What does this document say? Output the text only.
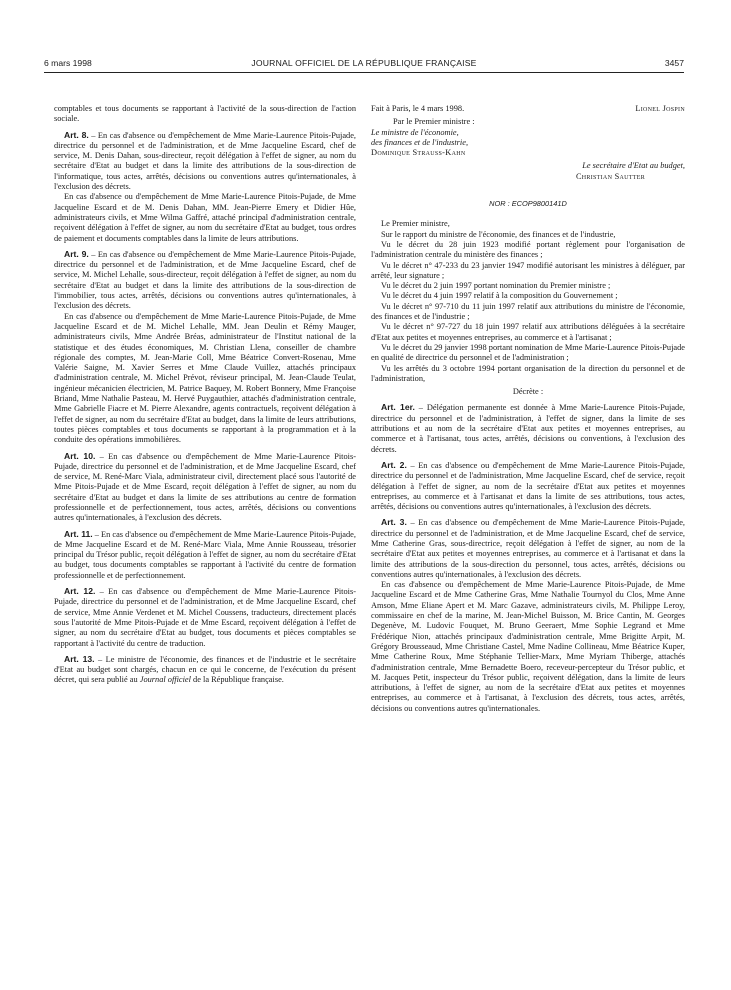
6 mars 1998	JOURNAL OFFICIEL DE LA RÉPUBLIQUE FRANÇAISE	3457

comptables et tous documents se rapportant à l'activité de la sous-direction de l'action sociale.

Art. 8. – En cas d'absence ou d'empêchement de Mme Marie-Laurence Pitois-Pujade, directrice du personnel et de l'administration, et de Mme Jacqueline Escard, chef de service, M. Denis Dahan, sous-directeur, reçoit délégation à l'effet de signer, au nom du secrétaire d'Etat au budget et dans la limite des attributions de la sous-direction de l'informatique, tous actes, arrêtés, décisions ou conventions autres qu'internationales, à l'exclusion des décrets.

En cas d'absence ou d'empêchement de Mme Marie-Laurence Pitois-Pujade, de Mme Jacqueline Escard et de M. Denis Dahan, MM. Jean-Pierre Emery et Didier Hûe, administrateurs civils, et Mme Wilma Gaffré, attaché principal d'administration centrale, reçoivent délégation à l'effet de signer, au nom du secrétaire d'Etat au budget, tous ordres de paiement et documents comptables dans la limite de leurs attributions.

Art. 9. – En cas d'absence ou d'empêchement de Mme Marie-Laurence Pitois-Pujade, directrice du personnel et de l'administration, et de Mme Jacqueline Escard, chef de service, M. Michel Lehalle, sous-directeur, reçoit délégation à l'effet de signer, au nom du secrétaire d'Etat au budget et dans la limite des attributions de la sous-direction de l'immobilier, tous actes, arrêtés, décisions ou conventions autres qu'internationales, à l'exclusion des décrets.

En cas d'absence ou d'empêchement de Mme Marie-Laurence Pitois-Pujade, de Mme Jacqueline Escard et de M. Michel Lehalle, MM. Jean Deulin et Rémy Mauger, administrateurs civils, Mme Andrée Bréas, administrateur de l'Institut national de la statistique et des études économiques, M. Christian Llena, conseiller de chambre régionale des comptes, M. Jean-Marie Coll, Mme Béatrice Convert-Rosenau, Mme Valérie Saigne, M. Xavier Serres et Mme Claude Vuillez, attachés principaux d'administration centrale, M. Michel Prévot, réviseur principal, M. Jean-Claude Teulat, ingénieur mécanicien électricien, M. Patrice Baquey, M. Robert Bonnery, Mme Françoise Briand, Mme Nathalie Pasteau, M. Hervé Puygauthier, attachés d'administration centrale, Mme Gabrielle Fiacre et M. Pierre Alexandre, agents contractuels, reçoivent délégation à l'effet de signer, au nom du secrétaire d'Etat au budget, dans la limite de leurs attributions, toutes pièces comptables et tous documents se rapportant à la programmation et à la conduite des opérations immobilières.

Art. 10. – En cas d'absence ou d'empêchement de Mme Marie-Laurence Pitois-Pujade, directrice du personnel et de l'administration, et de Mme Jacqueline Escard, chef de service, M. René-Marc Viala, administrateur civil, directement placé sous l'autorité de Mme Pitois-Pujade et de Mme Escard, reçoit délégation à l'effet de signer, au nom du secrétaire d'Etat au budget et dans la limite de ses attributions au centre de formation professionnelle et de perfectionnement, tous actes, arrêtés, décisions ou conventions autres qu'internationales, à l'exclusion des décrets.

Art. 11. – En cas d'absence ou d'empêchement de Mme Marie-Laurence Pitois-Pujade, de Mme Jacqueline Escard et de M. René-Marc Viala, Mme Annie Rousseau, trésorier principal du Trésor public, reçoit délégation à l'effet de signer, au nom du secrétaire d'Etat au budget, tous documents comptables se rapportant à l'activité du centre de formation professionnelle et de perfectionnement.

Art. 12. – En cas d'absence ou d'empêchement de Mme Marie-Laurence Pitois-Pujade, directrice du personnel et de l'administration, et de Mme Jacqueline Escard, chef de service, Mme Annie Verdenet et M. Michel Coussens, traducteurs, directement placés sous l'autorité de Mme Pitois-Pujade et de Mme Escard, reçoivent délégation à l'effet de signer, au nom du secrétaire d'Etat au budget, tous documents et pièces comptables se rapportant à l'activité du centre de traduction.

Art. 13. – Le ministre de l'économie, des finances et de l'industrie et le secrétaire d'Etat au budget sont chargés, chacun en ce qui le concerne, de l'exécution du présent décret, qui sera publié au Journal officiel de la République française.

Fait à Paris, le 4 mars 1998.	Lionel Jospin

Par le Premier ministre :

Le ministre de l'économie,

des finances et de l'industrie,

Dominique Strauss-Kahn

Le secrétaire d'Etat au budget,

Christian Sautter

NOR : ECOP9800141D

Le Premier ministre,

Sur le rapport du ministre de l'économie, des finances et de l'industrie,

Vu le décret du 28 juin 1923 modifié portant règlement pour l'organisation de l'administration centrale du ministère des finances ;

Vu le décret n° 47-233 du 23 janvier 1947 modifié autorisant les ministres à déléguer, par arrêté, leur signature ;

Vu le décret du 2 juin 1997 portant nomination du Premier ministre ;

Vu le décret du 4 juin 1997 relatif à la composition du Gouvernement ;

Vu le décret n° 97-710 du 11 juin 1997 relatif aux attributions du ministre de l'économie, des finances et de l'industrie ;

Vu le décret n° 97-727 du 18 juin 1997 relatif aux attributions déléguées à la secrétaire d'Etat aux petites et moyennes entreprises, au commerce et à l'artisanat ;

Vu le décret du 29 janvier 1998 portant nomination de Mme Marie-Laurence Pitois-Pujade en qualité de directrice du personnel et de l'administration ;

Vu les arrêtés du 3 octobre 1994 portant organisation de la direction du personnel et de l'administration,

Décrète :

Art. 1er. – Délégation permanente est donnée à Mme Marie-Laurence Pitois-Pujade, directrice du personnel et de l'administration, à l'effet de signer, dans la limite de ses attributions et au nom de la secrétaire d'Etat aux petites et moyennes entreprises, au commerce et à l'artisanat, tous actes, arrêtés, décisions ou conventions, à l'exclusion des décrets.

Art. 2. – En cas d'absence ou d'empêchement de Mme Marie-Laurence Pitois-Pujade, directrice du personnel et de l'administration, Mme Jacqueline Escard, chef de service, reçoit délégation à l'effet de signer, au nom de la secrétaire d'Etat aux petites et moyennes entreprises, au commerce et à l'artisanat et dans la limite de ses attributions, tous actes, arrêtés, décisions ou conventions autres qu'internationales, à l'exclusion des décrets.

Art. 3. – En cas d'absence ou d'empêchement de Mme Marie-Laurence Pitois-Pujade, directrice du personnel et de l'administration, et de Mme Jacqueline Escard, chef de service, Mme Catherine Gras, sous-directrice, reçoit délégation à l'effet de signer, au nom de la secrétaire d'Etat aux petites et moyennes entreprises, au commerce et à l'artisanat et dans la limite des attributions de la sous-direction du personnel, tous actes, arrêtés, décisions ou conventions autres qu'internationales, à l'exclusion des décrets.

En cas d'absence ou d'empêchement de Mme Marie-Laurence Pitois-Pujade, de Mme Jacqueline Escard et de Mme Catherine Gras, Mme Nathalie Tournyol du Clos, Mme Anne Amson, Mme Eliane Apert et M. Marc Gazave, administrateurs civils, M. Philippe Leroy, commissaire en chef de la marine, M. Jean-Michel Buisson, M. Brice Cantin, M. Georges Degenève, M. Ludovic Fouquet, M. Bruno Geeraert, Mme Sophie Legrand et Mme Frédérique Nion, attachés principaux d'administration centrale, Mme Brigitte Arpit, M. Grégory Brousseaud, Mme Christiane Castel, Mme Nadine Collineau, Mme Béatrice Kuper, Mme Catherine Roux, Mme Stéphanie Tellier-Marx, Mme Myriam Thiberge, attachés d'administration centrale, Mme Bernadette Boero, receveur-percepteur du Trésor public, et M. Jacques Petit, inspecteur du Trésor public, reçoivent délégation, dans la limite de leurs attributions, à l'effet de signer, au nom de la secrétaire d'Etat aux petites et moyennes entreprises, au commerce et à l'artisanat, à l'exclusion des décrets, tous actes, arrêtés, décisions ou conventions autres qu'internationales.
